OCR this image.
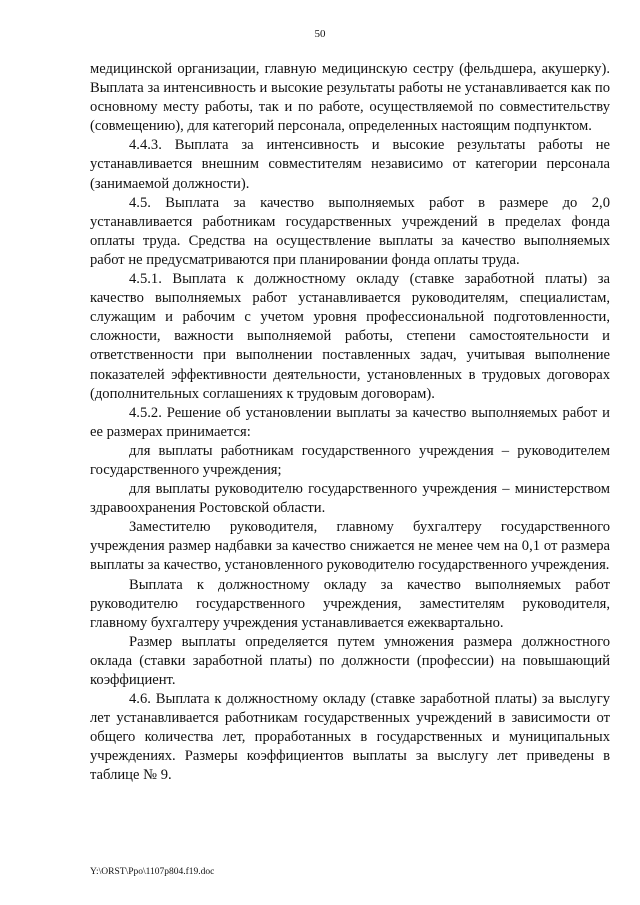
50

медицинской организации, главную медицинскую сестру (фельдшера, акушерку). Выплата за интенсивность и высокие результаты работы не устанавливается как по основному месту работы, так и по работе, осуществляемой по совместительству (совмещению), для категорий персонала, определенных настоящим подпунктом.

4.4.3. Выплата за интенсивность и высокие результаты работы не устанавливается внешним совместителям независимо от категории персонала (занимаемой должности).

4.5. Выплата за качество выполняемых работ в размере до 2,0 устанавливается работникам государственных учреждений в пределах фонда оплаты труда. Средства на осуществление выплаты за качество выполняемых работ не предусматриваются при планировании фонда оплаты труда.

4.5.1. Выплата к должностному окладу (ставке заработной платы) за качество выполняемых работ устанавливается руководителям, специалистам, служащим и рабочим с учетом уровня профессиональной подготовленности, сложности, важности выполняемой работы, степени самостоятельности и ответственности при выполнении поставленных задач, учитывая выполнение показателей эффективности деятельности, установленных в трудовых договорах (дополнительных соглашениях к трудовым договорам).

4.5.2. Решение об установлении выплаты за качество выполняемых работ и ее размерах принимается:

для выплаты работникам государственного учреждения – руководителем государственного учреждения;

для выплаты руководителю государственного учреждения – министерством здравоохранения Ростовской области.

Заместителю руководителя, главному бухгалтеру государственного учреждения размер надбавки за качество снижается не менее чем на 0,1 от размера выплаты за качество, установленного руководителю государственного учреждения.

Выплата к должностному окладу за качество выполняемых работ руководителю государственного учреждения, заместителям руководителя, главному бухгалтеру учреждения устанавливается ежеквартально.

Размер выплаты определяется путем умножения размера должностного оклада (ставки заработной платы) по должности (профессии) на повышающий коэффициент.

4.6. Выплата к должностному окладу (ставке заработной платы) за выслугу лет устанавливается работникам государственных учреждений в зависимости от общего количества лет, проработанных в государственных и муниципальных учреждениях. Размеры коэффициентов выплаты за выслугу лет приведены в таблице № 9.

Y:\ORST\Ppo\1107p804.f19.doc
